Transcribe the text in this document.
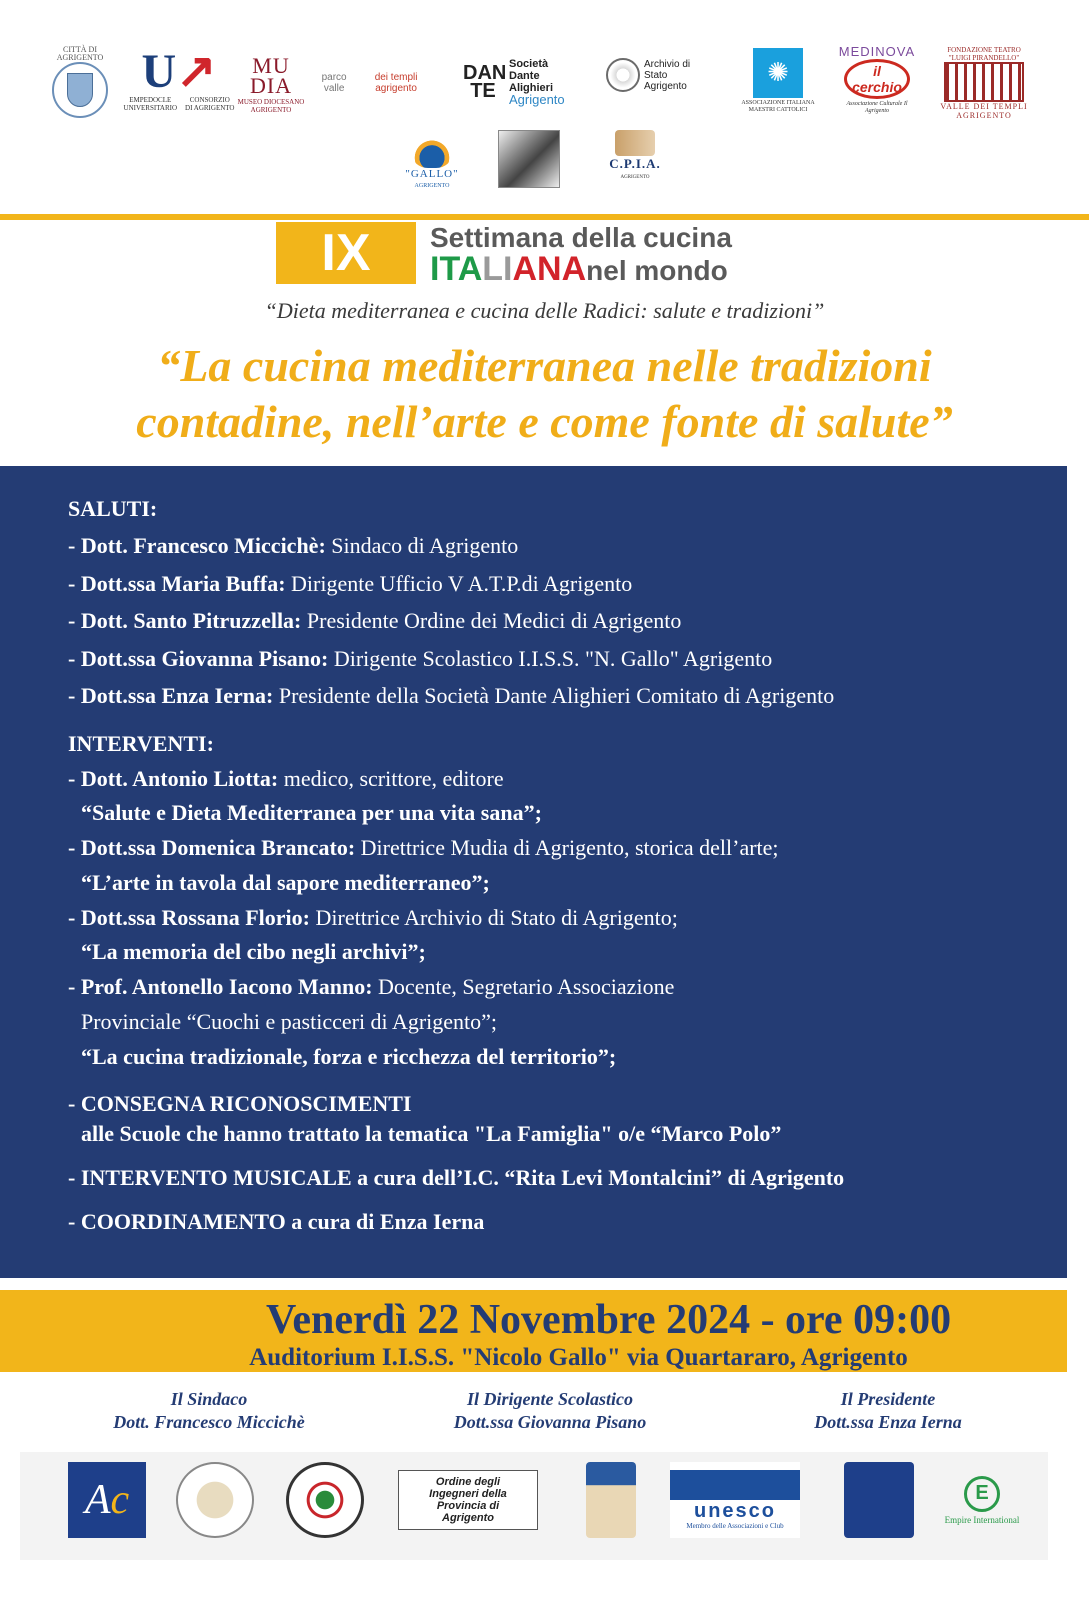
CITTÀ DI AGRIGENTO U↗
EMPEDOCLE
UNIVERSITARIO
CONSORZIO
DI AGRIGENTO
MU DIA
MUSEO DIOCESANO AGRIGENTO
parco valle
dei templi agrigento
DAN TE
Società Dante Alighieri
Agrigento
Archivio di Stato Agrigento	✺
ASSOCIAZIONE ITALIANA MAESTRI CATTOLICI
MEDINOVA
il cerchio
Associazione Culturale Il Agrigento
FONDAZIONE TEATRO "LUIGI PIRANDELLO"
VALLE DEI TEMPLI AGRIGENTO
"GALLO"
AGRIGENTO
C.P.I.A.
AGRIGENTO
IX Settimana della cucina
ITALIANAnel mondo
“Dieta mediterranea e cucina delle Radici: salute e tradizioni”
“La cucina mediterranea nelle tradizioni
contadine, nell’arte e come fonte di salute”
SALUTI:
- Dott. Francesco Miccichè: Sindaco di Agrigento
- Dott.ssa Maria Buffa: Dirigente Ufficio V A.T.P.di Agrigento
- Dott. Santo Pitruzzella: Presidente Ordine dei Medici di Agrigento
- Dott.ssa Giovanna Pisano: Dirigente Scolastico I.I.S.S. "N. Gallo" Agrigento
- Dott.ssa Enza Ierna: Presidente della Società Dante Alighieri Comitato di Agrigento
INTERVENTI:
- Dott. Antonio Liotta: medico, scrittore, editore
“Salute e Dieta Mediterranea per una vita sana”;
- Dott.ssa Domenica Brancato: Direttrice Mudia di Agrigento, storica dell’arte;
“L’arte in tavola dal sapore mediterraneo”;
- Dott.ssa Rossana Florio: Direttrice Archivio di Stato di Agrigento;
“La memoria del cibo negli archivi”;
- Prof. Antonello Iacono Manno: Docente, Segretario Associazione
Provinciale “Cuochi e pasticceri di Agrigento”;
“La cucina tradizionale, forza e ricchezza del territorio”;
- CONSEGNA RICONOSCIMENTI
alle Scuole che hanno trattato la tematica "La Famiglia" o/e “Marco Polo”
- INTERVENTO MUSICALE a cura dell’I.C. “Rita Levi Montalcini” di Agrigento
- COORDINAMENTO a cura di Enza Ierna
Venerdì 22 Novembre 2024 - ore 09:00
Auditorium I.I.S.S. "Nicolo Gallo" via Quartararo, Agrigento
Il Sindaco
Dott. Francesco Miccichè
Il Dirigente Scolastico
Dott.ssa Giovanna Pisano
Il Presidente
Dott.ssa Enza Ierna
A c	Ordine degli Ingegneri della Provincia di Agrigento	unesco
Membro delle Associazioni e Club
E
Empire International
